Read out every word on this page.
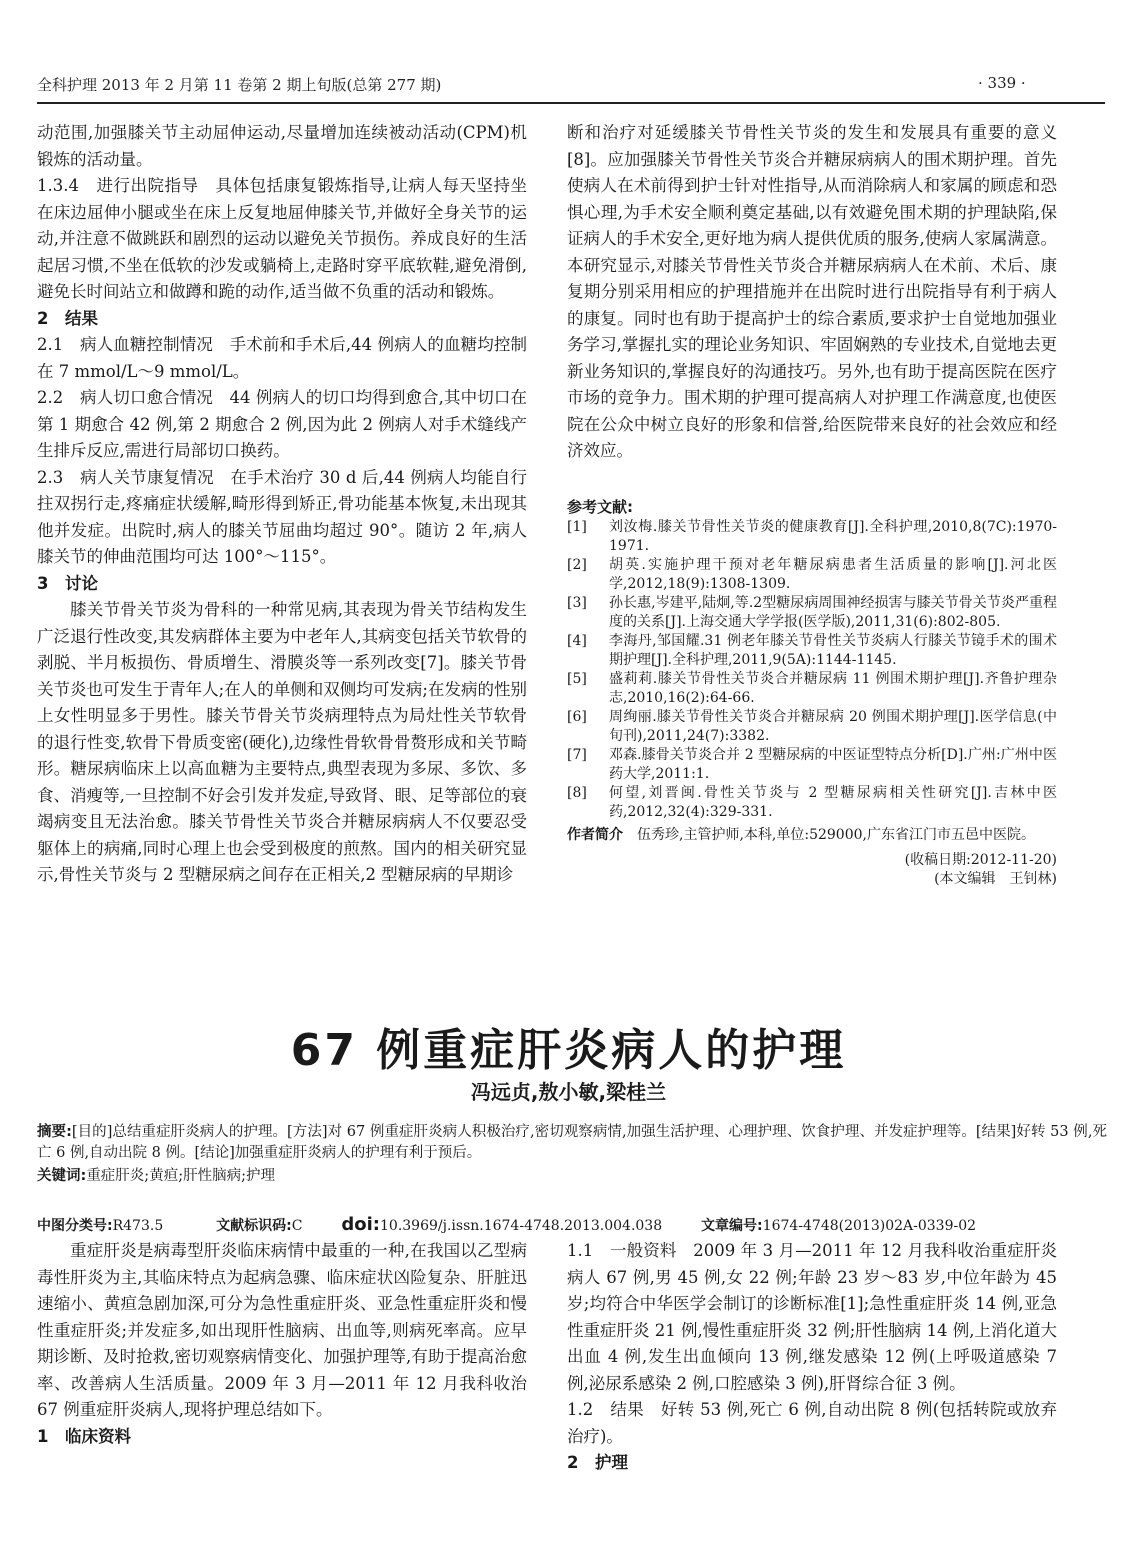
全科护理 2013 年 2 月第 11 卷第 2 期上旬版(总第 277 期)	· 339 ·

动范围,加强膝关节主动屈伸运动,尽量增加连续被动活动(CPM)机锻炼的活动量。

1.3.4　进行出院指导　具体包括康复锻炼指导,让病人每天坚持坐在床边屈伸小腿或坐在床上反复地屈伸膝关节,并做好全身关节的运动,并注意不做跳跃和剧烈的运动以避免关节损伤。养成良好的生活起居习惯,不坐在低软的沙发或躺椅上,走路时穿平底软鞋,避免滑倒,避免长时间站立和做蹲和跪的动作,适当做不负重的活动和锻炼。

2　结果

2.1　病人血糖控制情况　手术前和手术后,44 例病人的血糖均控制在 7 mmol/L～9 mmol/L。

2.2　病人切口愈合情况　44 例病人的切口均得到愈合,其中切口在第 1 期愈合 42 例,第 2 期愈合 2 例,因为此 2 例病人对手术缝线产生排斥反应,需进行局部切口换药。

2.3　病人关节康复情况　在手术治疗 30 d 后,44 例病人均能自行拄双拐行走,疼痛症状缓解,畸形得到矫正,骨功能基本恢复,未出现其他并发症。出院时,病人的膝关节屈曲均超过 90°。随访 2 年,病人膝关节的伸曲范围均可达 100°～115°。

3　讨论

膝关节骨关节炎为骨科的一种常见病,其表现为骨关节结构发生广泛退行性改变,其发病群体主要为中老年人,其病变包括关节软骨的剥脱、半月板损伤、骨质增生、滑膜炎等一系列改变[7]。膝关节骨关节炎也可发生于青年人;在人的单侧和双侧均可发病;在发病的性别上女性明显多于男性。膝关节骨关节炎病理特点为局灶性关节软骨的退行性变,软骨下骨质变密(硬化),边缘性骨软骨骨赘形成和关节畸形。糖尿病临床上以高血糖为主要特点,典型表现为多尿、多饮、多食、消瘦等,一旦控制不好会引发并发症,导致肾、眼、足等部位的衰竭病变且无法治愈。膝关节骨性关节炎合并糖尿病病人不仅要忍受躯体上的病痛,同时心理上也会受到极度的煎熬。国内的相关研究显示,骨性关节炎与 2 型糖尿病之间存在正相关,2 型糖尿病的早期诊

断和治疗对延缓膝关节骨性关节炎的发生和发展具有重要的意义[8]。应加强膝关节骨性关节炎合并糖尿病病人的围术期护理。首先使病人在术前得到护士针对性指导,从而消除病人和家属的顾虑和恐惧心理,为手术安全顺利奠定基础,以有效避免围术期的护理缺陷,保证病人的手术安全,更好地为病人提供优质的服务,使病人家属满意。本研究显示,对膝关节骨性关节炎合并糖尿病病人在术前、术后、康复期分别采用相应的护理措施并在出院时进行出院指导有利于病人的康复。同时也有助于提高护士的综合素质,要求护士自觉地加强业务学习,掌握扎实的理论业务知识、牢固娴熟的专业技术,自觉地去更新业务知识的,掌握良好的沟通技巧。另外,也有助于提高医院在医疗市场的竞争力。围术期的护理可提高病人对护理工作满意度,也使医院在公众中树立良好的形象和信誉,给医院带来良好的社会效应和经济效应。

参考文献:
[1]	刘汝梅.膝关节骨性关节炎的健康教育[J].全科护理,2010,8(7C):1970-1971.
[2]	胡英.实施护理干预对老年糖尿病患者生活质量的影响[J].河北医学,2012,18(9):1308-1309.
[3]	孙长惠,岑建平,陆炯,等.2型糖尿病周围神经损害与膝关节骨关节炎严重程度的关系[J].上海交通大学学报(医学版),2011,31(6):802-805.
[4]	李海丹,邹国耀.31 例老年膝关节骨性关节炎病人行膝关节镜手术的围术期护理[J].全科护理,2011,9(5A):1144-1145.
[5]	盛莉莉.膝关节骨性关节炎合并糖尿病 11 例围术期护理[J].齐鲁护理杂志,2010,16(2):64-66.
[6]	周绚丽.膝关节骨性关节炎合并糖尿病 20 例围术期护理[J].医学信息(中旬刊),2011,24(7):3382.
[7]	邓森.膝骨关节炎合并 2 型糖尿病的中医证型特点分析[D].广州:广州中医药大学,2011:1.
[8]	何望,刘晋闽.骨性关节炎与 2 型糖尿病相关性研究[J].吉林中医药,2012,32(4):329-331.
作者简介　伍秀珍,主管护师,本科,单位:529000,广东省江门市五邑中医院。
(收稿日期:2012-11-20)
(本文编辑　王钊林)
67 例重症肝炎病人的护理
冯远贞,敖小敏,梁桂兰
摘要:[目的]总结重症肝炎病人的护理。[方法]对 67 例重症肝炎病人积极治疗,密切观察病情,加强生活护理、心理护理、饮食护理、并发症护理等。[结果]好转 53 例,死亡 6 例,自动出院 8 例。[结论]加强重症肝炎病人的护理有利于预后。
关键词:重症肝炎;黄疸;肝性脑病;护理
中图分类号:R473.5	文献标识码:C doi:10.3969/j.issn.1674-4748.2013.004.038	文章编号:1674-4748(2013)02A-0339-02

重症肝炎是病毒型肝炎临床病情中最重的一种,在我国以乙型病毒性肝炎为主,其临床特点为起病急骤、临床症状凶险复杂、肝脏迅速缩小、黄疸急剧加深,可分为急性重症肝炎、亚急性重症肝炎和慢性重症肝炎;并发症多,如出现肝性脑病、出血等,则病死率高。应早期诊断、及时抢救,密切观察病情变化、加强护理等,有助于提高治愈率、改善病人生活质量。2009 年 3 月—2011 年 12 月我科收治 67 例重症肝炎病人,现将护理总结如下。

1　临床资料

1.1　一般资料　2009 年 3 月—2011 年 12 月我科收治重症肝炎病人 67 例,男 45 例,女 22 例;年龄 23 岁～83 岁,中位年龄为 45 岁;均符合中华医学会制订的诊断标准[1];急性重症肝炎 14 例,亚急性重症肝炎 21 例,慢性重症肝炎 32 例;肝性脑病 14 例,上消化道大出血 4 例,发生出血倾向 13 例,继发感染 12 例(上呼吸道感染 7 例,泌尿系感染 2 例,口腔感染 3 例),肝肾综合征 3 例。

1.2　结果　好转 53 例,死亡 6 例,自动出院 8 例(包括转院或放弃治疗)。

2　护理
